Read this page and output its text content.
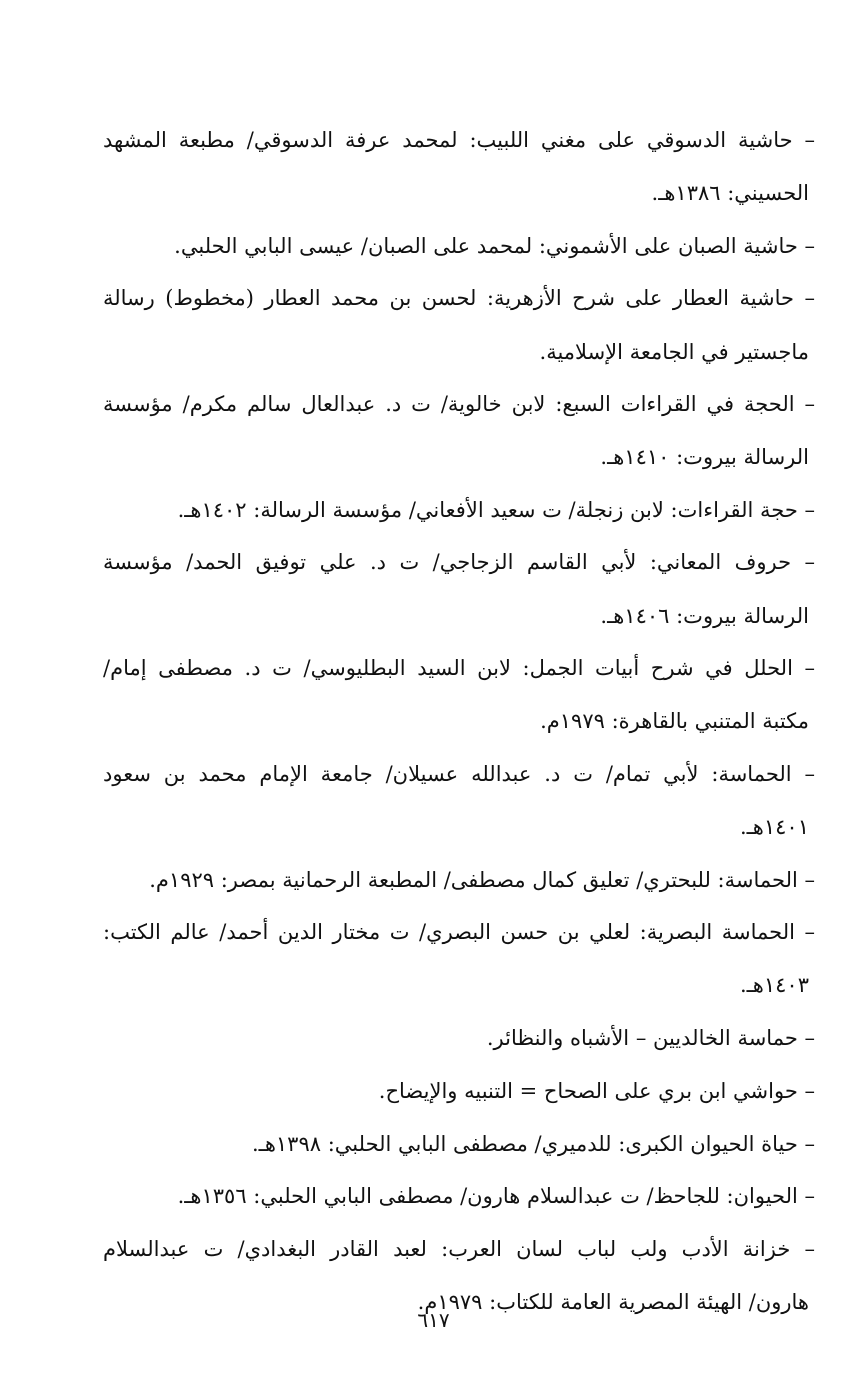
– حاشية الدسوقي على مغني اللبيب: لمحمد عرفة الدسوقي/ مطبعة المشهد
الحسيني: ١٣٨٦هـ.
– حاشية الصبان على الأشموني: لمحمد على الصبان/ عيسى البابي الحلبي.
– حاشية العطار على شرح الأزهرية: لحسن بن محمد العطار (مخطوط) رسالة
ماجستير في الجامعة الإسلامية.
– الحجة في القراءات السبع: لابن خالوية/ ت د. عبدالعال سالم مكرم/ مؤسسة
الرسالة بيروت: ١٤١٠هـ.
– حجة القراءات: لابن زنجلة/ ت سعيد الأفعاني/ مؤسسة الرسالة: ١٤٠٢هـ.
– حروف المعاني: لأبي القاسم الزجاجي/ ت د. علي توفيق الحمد/ مؤسسة
الرسالة بيروت: ١٤٠٦هـ.
– الحلل في شرح أبيات الجمل: لابن السيد البطليوسي/ ت د. مصطفى إمام/
مكتبة المتنبي بالقاهرة: ١٩٧٩م.
– الحماسة: لأبي تمام/ ت د. عبدالله عسيلان/ جامعة الإمام محمد بن سعود
١٤٠١هـ.
– الحماسة: للبحتري/ تعليق كمال مصطفى/ المطبعة الرحمانية بمصر: ١٩٢٩م.
– الحماسة البصرية: لعلي بن حسن البصري/ ت مختار الدين أحمد/ عالم الكتب:
١٤٠٣هـ.
– حماسة الخالديين – الأشباه والنظائر.
– حواشي ابن بري على الصحاح = التنبيه والإيضاح.
– حياة الحيوان الكبرى: للدميري/ مصطفى البابي الحلبي: ١٣٩٨هـ.
– الحيوان: للجاحظ/ ت عبدالسلام هارون/ مصطفى البابي الحلبي: ١٣٥٦هـ.
– خزانة الأدب ولب لباب لسان العرب: لعبد القادر البغدادي/ ت عبدالسلام
هارون/ الهيئة المصرية العامة للكتاب: ١٩٧٩م.
٦١٧
